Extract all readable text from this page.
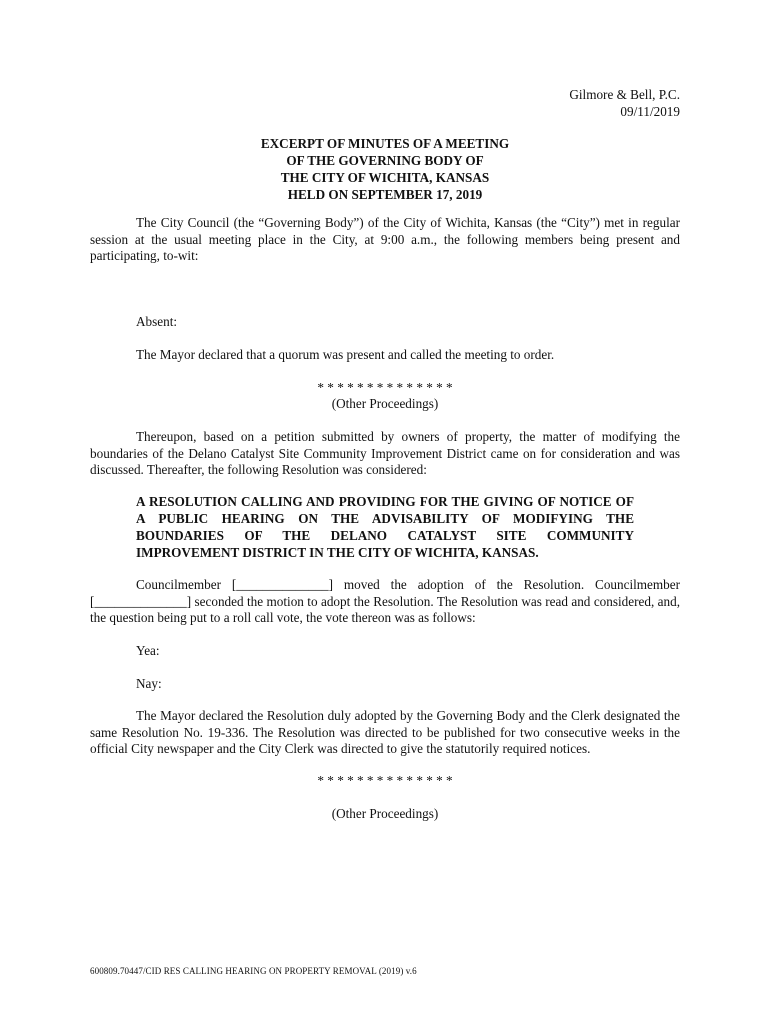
Gilmore & Bell, P.C.
09/11/2019
EXCERPT OF MINUTES OF A MEETING
OF THE GOVERNING BODY OF
THE CITY OF WICHITA, KANSAS
HELD ON SEPTEMBER 17, 2019
The City Council (the “Governing Body”) of the City of Wichita, Kansas (the “City”) met in regular session at the usual meeting place in the City, at 9:00 a.m., the following members being present and participating, to-wit:
Absent:
The Mayor declared that a quorum was present and called the meeting to order.
* * * * * * * * * * * * * *
(Other Proceedings)
Thereupon, based on a petition submitted by owners of property, the matter of modifying the boundaries of the Delano Catalyst Site Community Improvement District came on for consideration and was discussed. Thereafter, the following Resolution was considered:
A RESOLUTION CALLING AND PROVIDING FOR THE GIVING OF NOTICE OF A PUBLIC HEARING ON THE ADVISABILITY OF MODIFYING THE BOUNDARIES OF THE DELANO CATALYST SITE COMMUNITY IMPROVEMENT DISTRICT IN THE CITY OF WICHITA, KANSAS.
Councilmember [______________] moved the adoption of the Resolution. Councilmember [______________] seconded the motion to adopt the Resolution. The Resolution was read and considered, and, the question being put to a roll call vote, the vote thereon was as follows:
Yea:
Nay:
The Mayor declared the Resolution duly adopted by the Governing Body and the Clerk designated the same Resolution No. 19-336. The Resolution was directed to be published for two consecutive weeks in the official City newspaper and the City Clerk was directed to give the statutorily required notices.
* * * * * * * * * * * * * *
(Other Proceedings)
600809.70447/CID RES CALLING HEARING ON PROPERTY REMOVAL (2019) v.6
